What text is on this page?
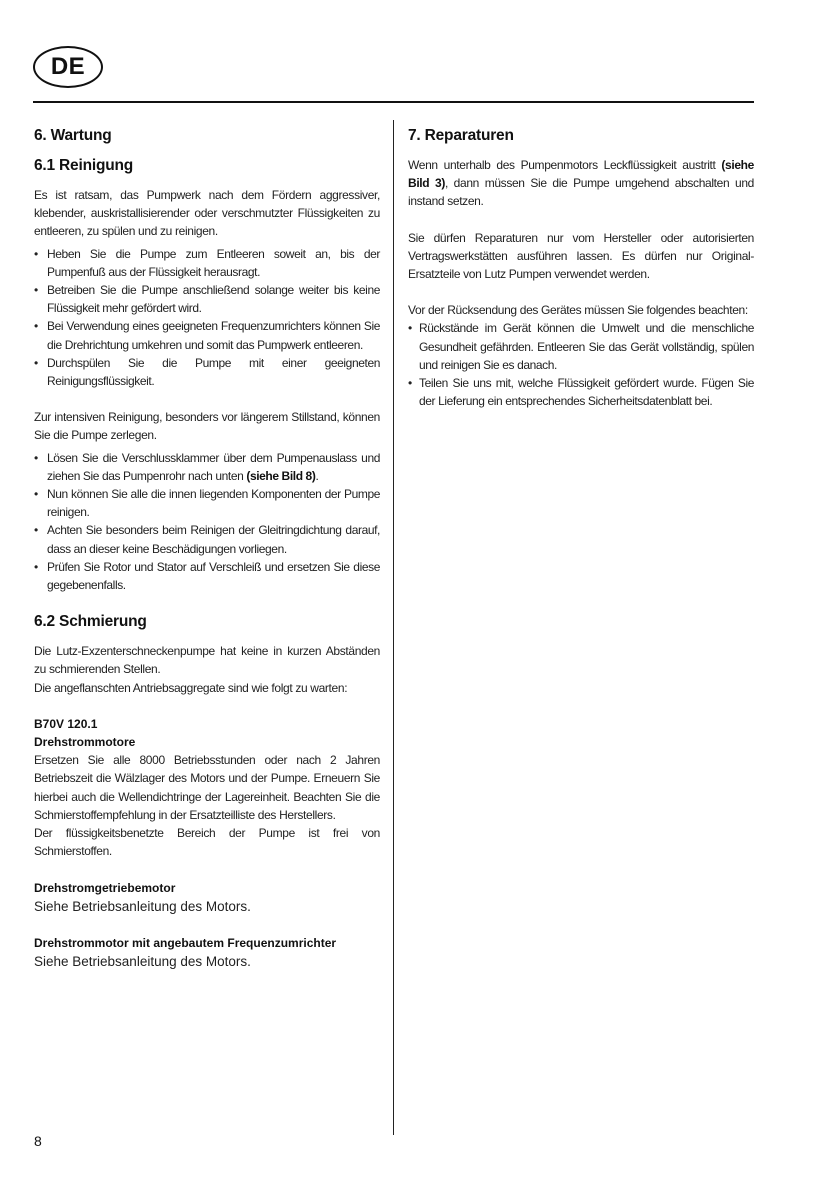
DE
6. Wartung
6.1 Reinigung

Es ist ratsam, das Pumpwerk nach dem Fördern aggressiver, klebender, auskristallisierender oder verschmutzter Flüssigkeiten zu entleeren, zu spülen und zu reinigen.

• Heben Sie die Pumpe zum Entleeren soweit an, bis der Pumpenfuß aus der Flüssigkeit herausragt.
• Betreiben Sie die Pumpe anschließend solange weiter bis keine Flüssigkeit mehr gefördert wird.
• Bei Verwendung eines geeigneten Frequenzumrichters können Sie die Drehrichtung umkehren und somit das Pumpwerk entleeren.
• Durchspülen Sie die Pumpe mit einer geeigneten Reinigungsflüssigkeit.

Zur intensiven Reinigung, besonders vor längerem Stillstand, können Sie die Pumpe zerlegen.

• Lösen Sie die Verschlussklammer über dem Pumpenauslass und ziehen Sie das Pumpenrohr nach unten (siehe Bild 8).
• Nun können Sie alle die innen liegenden Komponenten der Pumpe reinigen.
• Achten Sie besonders beim Reinigen der Gleitringdichtung darauf, dass an dieser keine Beschädigungen vorliegen.
• Prüfen Sie Rotor und Stator auf Verschleiß und ersetzen Sie diese gegebenenfalls.
6.2 Schmierung

Die Lutz-Exzenterschneckenpumpe hat keine in kurzen Abständen zu schmierenden Stellen.

Die angeflanschten Antriebsaggregate sind wie folgt zu warten:

B70V 120.1
Drehstrommotore

Ersetzen Sie alle 8000 Betriebsstunden oder nach 2 Jahren Betriebszeit die Wälzlager des Motors und der Pumpe. Erneuern Sie hierbei auch die Wellendichtringe der Lagereinheit. Beachten Sie die Schmierstoffempfehlung in der Ersatzteilliste des Herstellers.

Der flüssigkeitsbenetzte Bereich der Pumpe ist frei von Schmierstoffen.

Drehstromgetriebemotor

Siehe Betriebsanleitung des Motors.

Drehstrommotor mit angebautem Frequenzumrichter

Siehe Betriebsanleitung des Motors.

7. Reparaturen

Wenn unterhalb des Pumpenmotors Leckflüssigkeit austritt (siehe Bild 3), dann müssen Sie die Pumpe umgehend abschalten und instand setzen.

Sie dürfen Reparaturen nur vom Hersteller oder autorisierten Vertragswerkstätten ausführen lassen. Es dürfen nur Original-Ersatzteile von Lutz Pumpen verwendet werden.

Vor der Rücksendung des Gerätes müssen Sie folgendes beachten:

• Rückstände im Gerät können die Umwelt und die menschliche Gesundheit gefährden. Entleeren Sie das Gerät vollständig, spülen und reinigen Sie es danach.
• Teilen Sie uns mit, welche Flüssigkeit gefördert wurde. Fügen Sie der Lieferung ein entsprechendes Sicherheitsdatenblatt bei.
8
